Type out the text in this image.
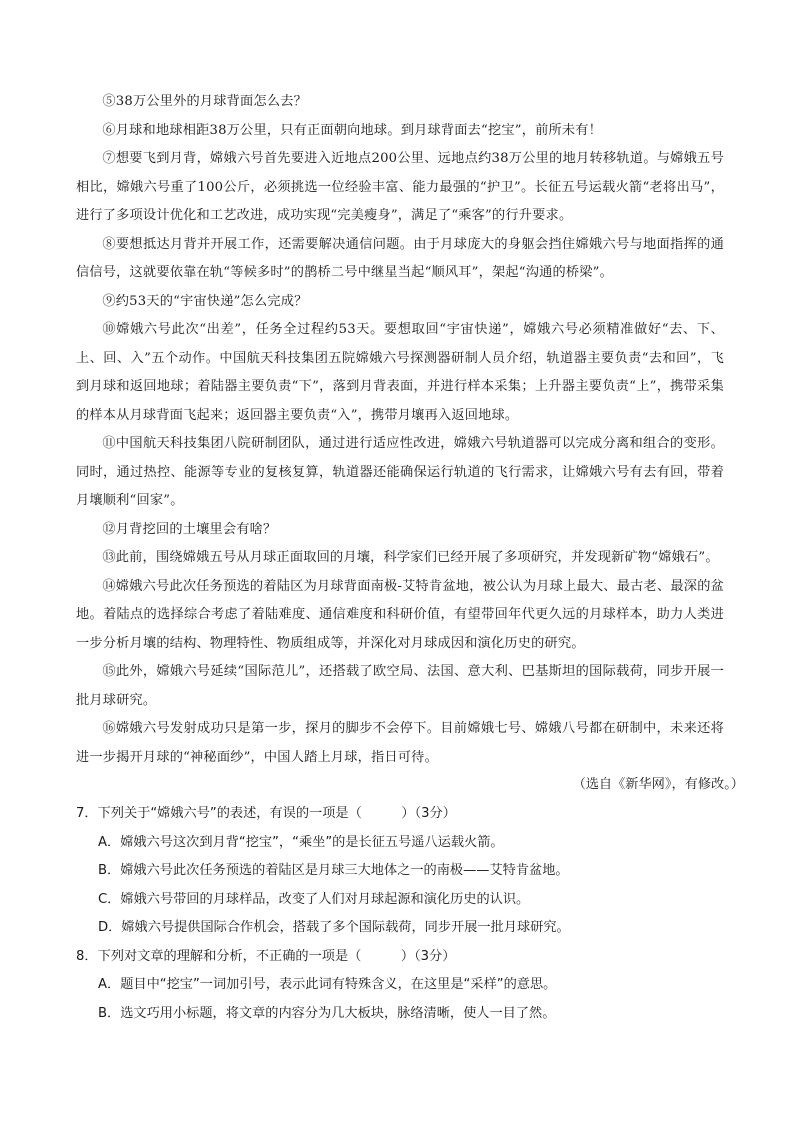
⑤38万公里外的月球背面怎么去？

⑥月球和地球相距38万公里，只有正面朝向地球。到月球背面去“挖宝”，前所未有！

⑦想要飞到月背，嫦娥六号首先要进入近地点200公里、远地点约38万公里的地月转移轨道。与嫦娥五号相比，嫦娥六号重了100公斤，必须挑选一位经验丰富、能力最强的“护卫”。长征五号运载火箭“老将出马”，进行了多项设计优化和工艺改进，成功实现“完美瘦身”，满足了“乘客”的行升要求。

⑧要想抵达月背并开展工作，还需要解决通信问题。由于月球庞大的身躯会挡住嫦娥六号与地面指挥的通信信号，这就要依靠在轨“等候多时”的鹊桥二号中继星当起“顺风耳”，架起“沟通的桥梁”。

⑨约53天的“宇宙快递”怎么完成？

⑩嫦娥六号此次“出差”，任务全过程约53天。要想取回“宇宙快递”，嫦娥六号必须精准做好“去、下、上、回、入”五个动作。中国航天科技集团五院嫦娥六号探测器研制人员介绍，轨道器主要负责“去和回”，飞到月球和返回地球；着陆器主要负责“下”，落到月背表面，并进行样本采集；上升器主要负责“上”，携带采集的样本从月球背面飞起来；返回器主要负责“入”，携带月壤再入返回地球。

⑪中国航天科技集团八院研制团队，通过进行适应性改进，嫦娥六号轨道器可以完成分离和组合的变形。同时，通过热控、能源等专业的复核复算，轨道器还能确保运行轨道的飞行需求，让嫦娥六号有去有回，带着月壤顺利“回家”。

⑫月背挖回的土壤里会有啥？

⑬此前，围绕嫦娥五号从月球正面取回的月壤，科学家们已经开展了多项研究，并发现新矿物“嫦娥石”。

⑭嫦娥六号此次任务预选的着陆区为月球背面南极-艾特肯盆地，被公认为月球上最大、最古老、最深的盆地。着陆点的选择综合考虑了着陆难度、通信难度和科研价值，有望带回年代更久远的月球样本，助力人类进一步分析月壤的结构、物理特性、物质组成等，并深化对月球成因和演化历史的研究。

⑮此外，嫦娥六号延续“国际范儿”，还搭载了欧空局、法国、意大利、巴基斯坦的国际载荷，同步开展一批月球研究。

⑯嫦娥六号发射成功只是第一步，探月的脚步不会停下。目前嫦娥七号、嫦娥八号都在研制中，未来还将进一步揭开月球的“神秘面纱”，中国人踏上月球，指日可待。

（选自《新华网》，有修改。）

7．下列关于“嫦娥六号”的表述，有误的一项是（　　　）（3分）

A．嫦娥六号这次到月背“挖宝”，“乘坐”的是长征五号遥八运载火箭。

B．嫦娥六号此次任务预选的着陆区是月球三大地体之一的南极——艾特肯盆地。

C．嫦娥六号带回的月球样品，改变了人们对月球起源和演化历史的认识。

D．嫦娥六号提供国际合作机会，搭载了多个国际载荷，同步开展一批月球研究。

8．下列对文章的理解和分析，不正确的一项是（　　　）（3分）

A．题目中“挖宝”一词加引号，表示此词有特殊含义，在这里是“采样”的意思。

B．选文巧用小标题，将文章的内容分为几大板块，脉络清晰，使人一目了然。
